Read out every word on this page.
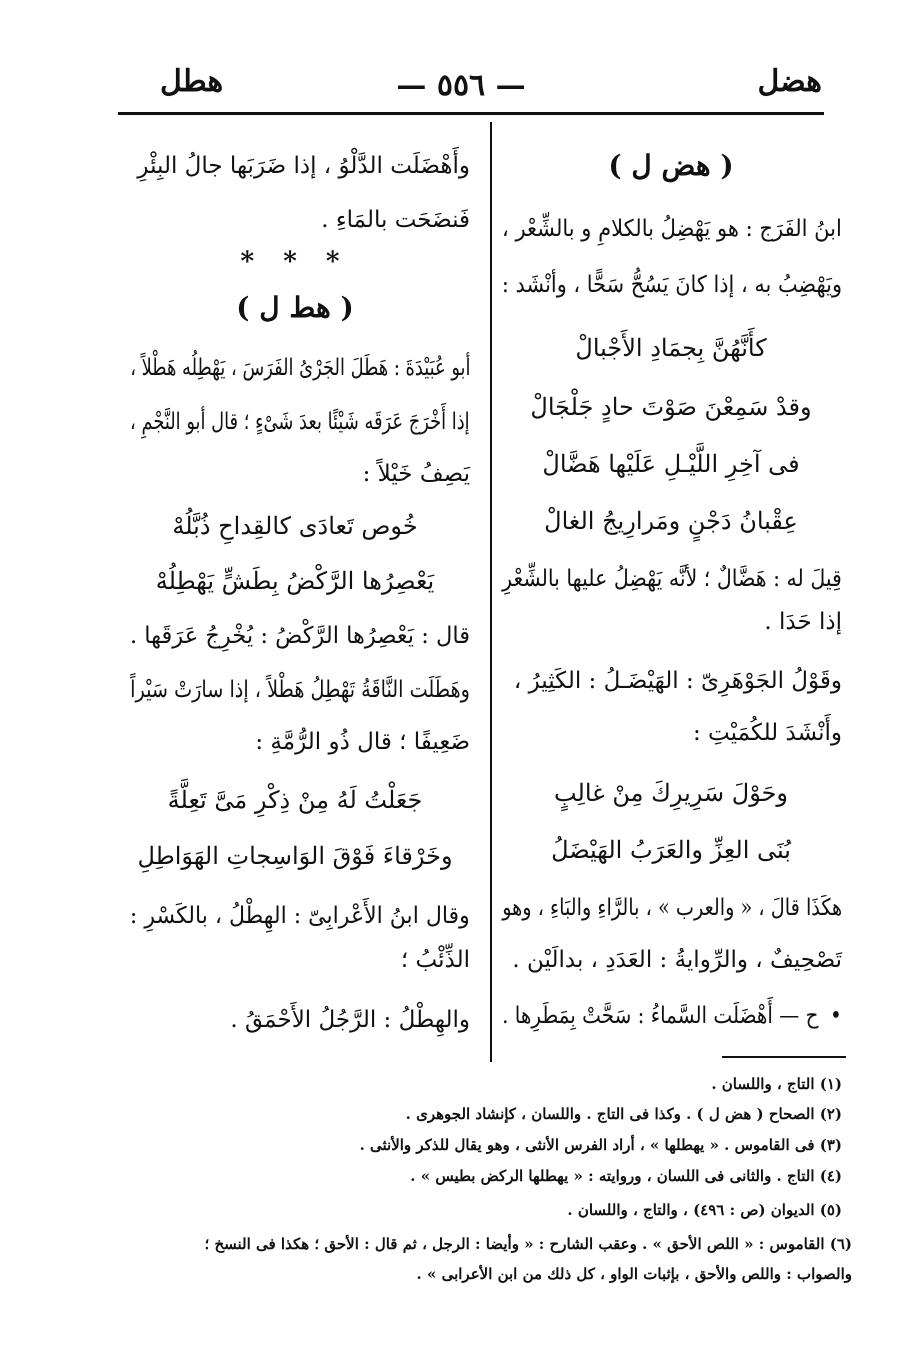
هضل
— ٥٥٦ —
هطل
( هض ل )
ابنُ الفَرَج : هو يَهْضِلُ بالكلامِ و بالشِّعْر ،
ويَهْضِبُ به ، إذا كانَ يَسُحُّ سَحًّا ، وأنْشَد :
كأَنَّهُنَّ بِجمَادِ الأَجْبالْ
وقدْ سَمِعْنَ صَوْتَ حادٍ جَلْجَالْ
فى آخِرِ اللَّيْـلِ عَلَيْها هَضَّالْ
عِقْبانُ دَجْنٍ ومَرارِيجُ الغالْ
قِيلَ له : هَضَّالٌ ؛ لأنَّه يَهْضِلُ عليها بالشِّعْرِ
إذا حَدَا .
وقَوْلُ الجَوْهَرِىّ : الهَيْضَـلُ : الكَثِيرُ ،
وأَنْشَدَ للكُمَيْتِ :
وحَوْلَ سَرِيرِكَ مِنْ غالِبٍ
بُنَى العِزِّ والعَرَبُ الهَيْضَلُ
هكَذَا قالَ ، « والعرب » ، بالرَّاءِ والبَاءِ ، وهو
تَصْحِيفٌ ، والرِّوايةُ : العَدَدِ ، بدالَيْن .
• ح — أَهْضَلَت السَّماءُ : سَحَّتْ بِمَطَرِها .
وأَهْضَلَت الدَّلْوُ ، إذا ضَرَبَها جالُ البِئْرِ
فَنضَحَت بالمَاءِ .
* * *
( هط ل )
أبو عُبَيْدَةَ : هَطَلَ الجَرْىُ الفَرَسَ ، يَهْطِلُه هَطْلاً ،
إذا أَخْرَجَ عَرَقَه شَيْئًا بعدَ شَىْءٍ ؛ قال أبو النَّجْمِ ،
يَصِفُ خَيْلاً :
خُوص تَعادَى كالقِداحِ ذُبَّلُهْ
يَعْصِرُها الرَّكْضُ بِطَشٍّ يَهْطِلُهْ
قال : يَعْصِرُها الرَّكْضُ : يُخْرِجُ عَرَقَها .
وهَطَلَت النَّاقَةُ تَهْطِلُ هَطْلاً ، إذا سارَتْ سَيْراً
ضَعِيفًا ؛ قال ذُو الرُّمَّةِ :
جَعَلْتُ لَهُ مِنْ ذِكْرِ مَىَّ تَعِلَّةً
وخَرْقاءَ فَوْقَ الوَاسِجاتِ الهَوَاطِلِ
وقال ابنُ الأَعْرابِىّ : الهِطْلُ ، بالكَسْرِ :
الذِّئْبُ ؛
والهِطْلُ : الرَّجُلُ الأَحْمَقُ .
(١) التاج ، واللسان .
(٢) الصحاح ( هض ل ) . وكذا فى التاج . واللسان ، كإنشاد الجوهرى .
(٣) فى القاموس . « يهطلها » ، أراد الفرس الأنثى ، وهو يقال للذكر والأنثى .
(٤) التاج . والثانى فى اللسان ، وروايته : « يهطلها الركض بطيس » .
(٥) الديوان (ص : ٤٩٦) ، والتاج ، واللسان .
(٦) القاموس : « اللص الأحق » . وعقب الشارح : « وأيضا : الرجل ، ثم قال : الأحق ؛ هكذا فى النسخ ؛
والصواب : واللص والأحق ، بإثبات الواو ، كل ذلك من ابن الأعرابى » .
